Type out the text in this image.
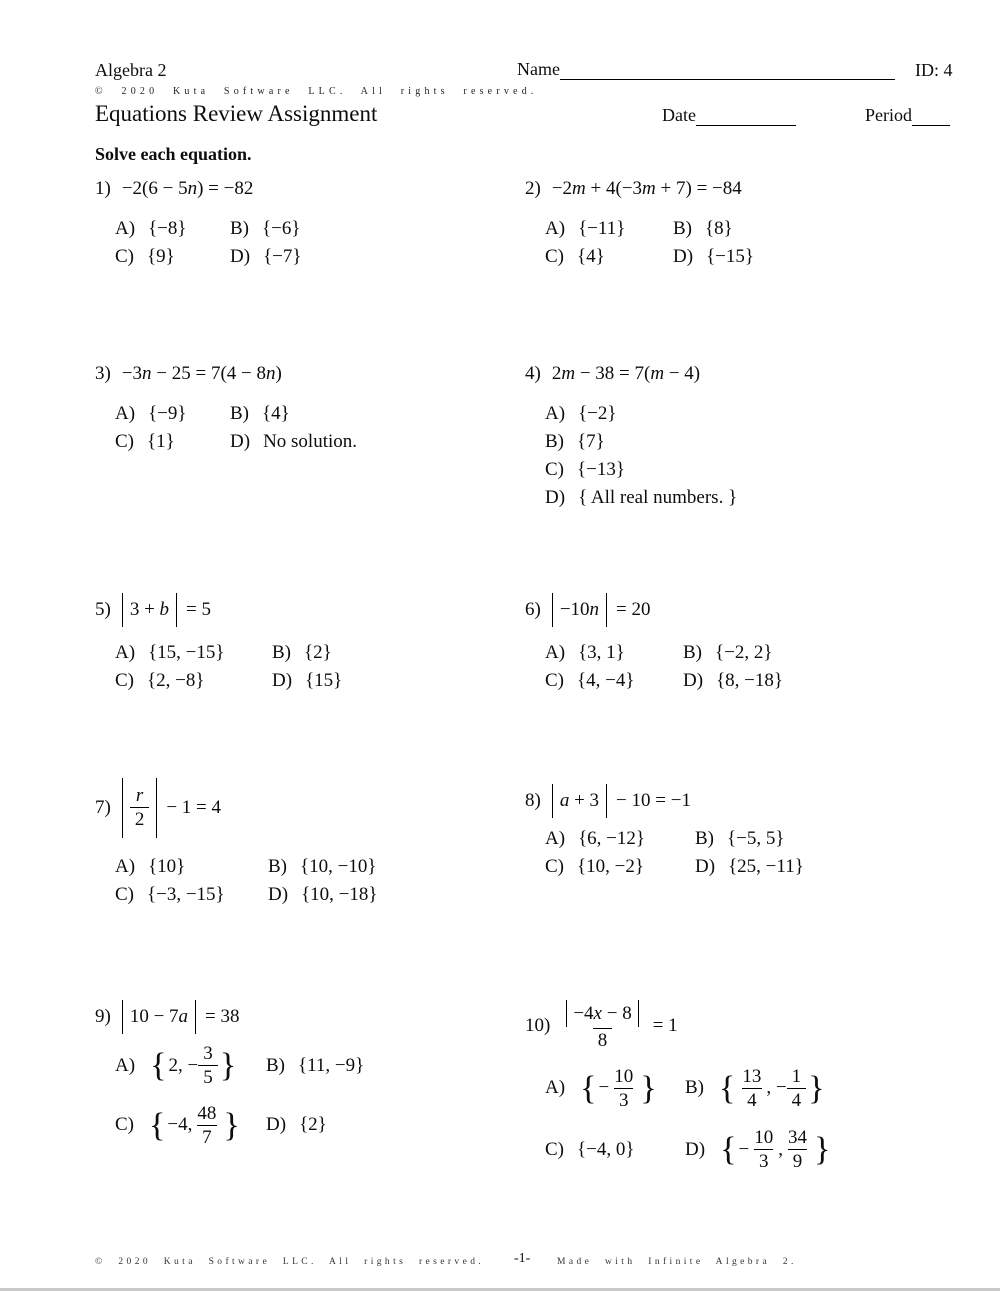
Algebra 2
© 2020 Kuta Software LLC. All rights reserved.
Equations Review Assignment
Name	ID: 4
Date	Period
Solve each equation.
1) −2(6 − 5n) = −82
A) {−8} B) {−6}
C) {9}	D) {−7}
2) −2m + 4(−3m + 7) = −84
A) {−11}	B) {8}
C) {4}	D) {−15}
3) −3n − 25 = 7(4 − 8n)
A) {−9} B) {4}
C) {1}	D) No solution.
4) 2m − 38 = 7(m − 4)
A) {−2}
B) {7}
C) {−13}
D) { All real numbers. }
5) 3 + b = 5
A) {15, −15} B) {2}
C) {2, −8}	D) {15}
6) −10n = 20
A) {3, 1}	B) {−2, 2}
C) {4, −4}	D) {8, −18}
$7) \frac{r}{2} - 1 = 4$
A) {10}	B) {10, −10}
C) {−3, −15} D) {10, −18}
8) a + 3 − 10 = −1
A) {6, −12}	B) {−5, 5}
C) {10, −2}	D) {25, −11}
9) 10 − 7a = 38
A) { 2, − $\frac{3}{5}$ } B) {11, −9}
C) { −4, $\frac{48}{7}$ } D) {2}
$10) \frac{-4x - 8}{8} = 1$
A) { − $\frac{10}{3}$ } B) { $\frac{13}{4}$ , − $\frac{1}{4}$ }
C) {−4, 0}	D) { − $\frac{10}{3}$ , $\frac{34}{9}$ }
© 2020 Kuta Software LLC. All rights reserved. -1-	Made with Infinite Algebra 2.
